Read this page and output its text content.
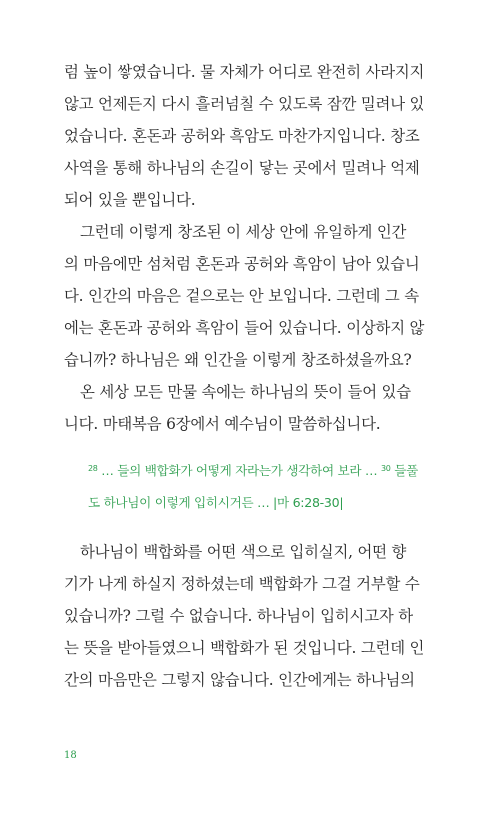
럼 높이 쌓였습니다. 물 자체가 어디로 완전히 사라지지
않고 언제든지 다시 흘러넘칠 수 있도록 잠깐 밀려나 있
었습니다. 혼돈과 공허와 흑암도 마찬가지입니다. 창조
사역을 통해 하나님의 손길이 닿는 곳에서 밀려나 억제
되어 있을 뿐입니다.
그런데 이렇게 창조된 이 세상 안에 유일하게 인간
의 마음에만 섬처럼 혼돈과 공허와 흑암이 남아 있습니
다. 인간의 마음은 겉으로는 안 보입니다. 그런데 그 속
에는 혼돈과 공허와 흑암이 들어 있습니다. 이상하지 않
습니까? 하나님은 왜 인간을 이렇게 창조하셨을까요?
온 세상 모든 만물 속에는 하나님의 뜻이 들어 있습
니다. 마태복음 6장에서 예수님이 말씀하십니다.
$^{28}$ … 들의 백합화가 어떻게 자라는가 생각하여 보라 … $^{30}$ 들풀
도 하나님이 이렇게 입히시거든 … |마 6:28-30|
하나님이 백합화를 어떤 색으로 입히실지, 어떤 향
기가 나게 하실지 정하셨는데 백합화가 그걸 거부할 수
있습니까? 그럴 수 없습니다. 하나님이 입히시고자 하
는 뜻을 받아들였으니 백합화가 된 것입니다. 그런데 인
간의 마음만은 그렇지 않습니다. 인간에게는 하나님의
18
